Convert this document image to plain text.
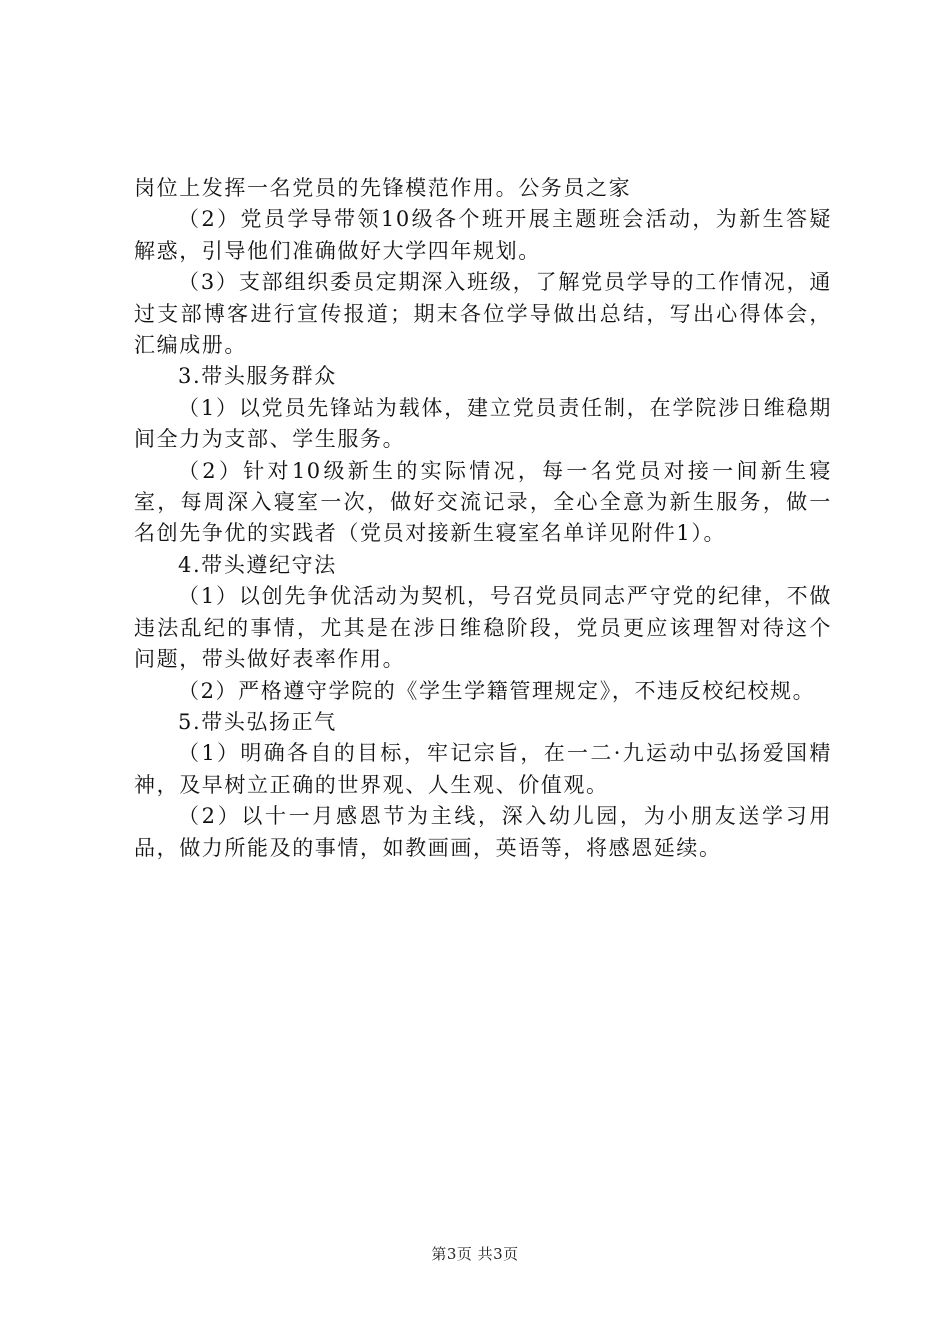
岗位上发挥一名党员的先锋模范作用。公务员之家

（2）党员学导带领10级各个班开展主题班会活动，为新生答疑解惑，引导他们准确做好大学四年规划。

（3）支部组织委员定期深入班级，了解党员学导的工作情况，通过支部博客进行宣传报道；期末各位学导做出总结，写出心得体会，汇编成册。

3.带头服务群众

（1）以党员先锋站为载体，建立党员责任制，在学院涉日维稳期间全力为支部、学生服务。

（2）针对10级新生的实际情况，每一名党员对接一间新生寝室，每周深入寝室一次，做好交流记录，全心全意为新生服务，做一名创先争优的实践者（党员对接新生寝室名单详见附件1）。

4.带头遵纪守法

（1）以创先争优活动为契机，号召党员同志严守党的纪律，不做违法乱纪的事情，尤其是在涉日维稳阶段，党员更应该理智对待这个问题，带头做好表率作用。

（2）严格遵守学院的《学生学籍管理规定》，不违反校纪校规。

5.带头弘扬正气

（1）明确各自的目标，牢记宗旨，在一二·九运动中弘扬爱国精神，及早树立正确的世界观、人生观、价值观。

（2）以十一月感恩节为主线，深入幼儿园，为小朋友送学习用品，做力所能及的事情，如教画画，英语等，将感恩延续。

第3页 共3页
